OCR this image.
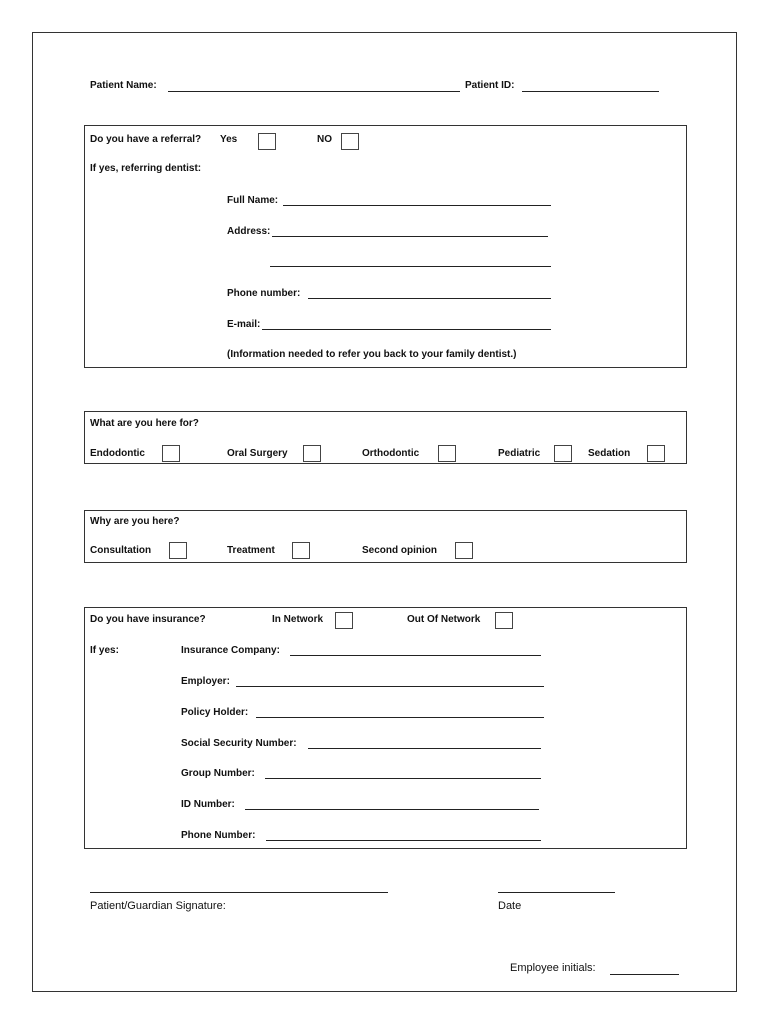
Patient Name:	Patient ID:
Do you have a referral? Yes	NO
If yes, referring dentist:
Full Name:
Address:
Phone number:
E-mail:
(Information needed to refer you back to your family dentist.)
What are you here for?
Endodontic	Oral Surgery	Orthodontic	Pediatric	Sedation
Why are you here?
Consultation	Treatment	Second opinion
Do you have insurance?	In Network	Out Of Network
If yes:	Insurance Company:
Employer:
Policy Holder:
Social Security Number:
Group Number:
ID Number:
Phone Number:
Patient/Guardian Signature:	Date
Employee initials:
